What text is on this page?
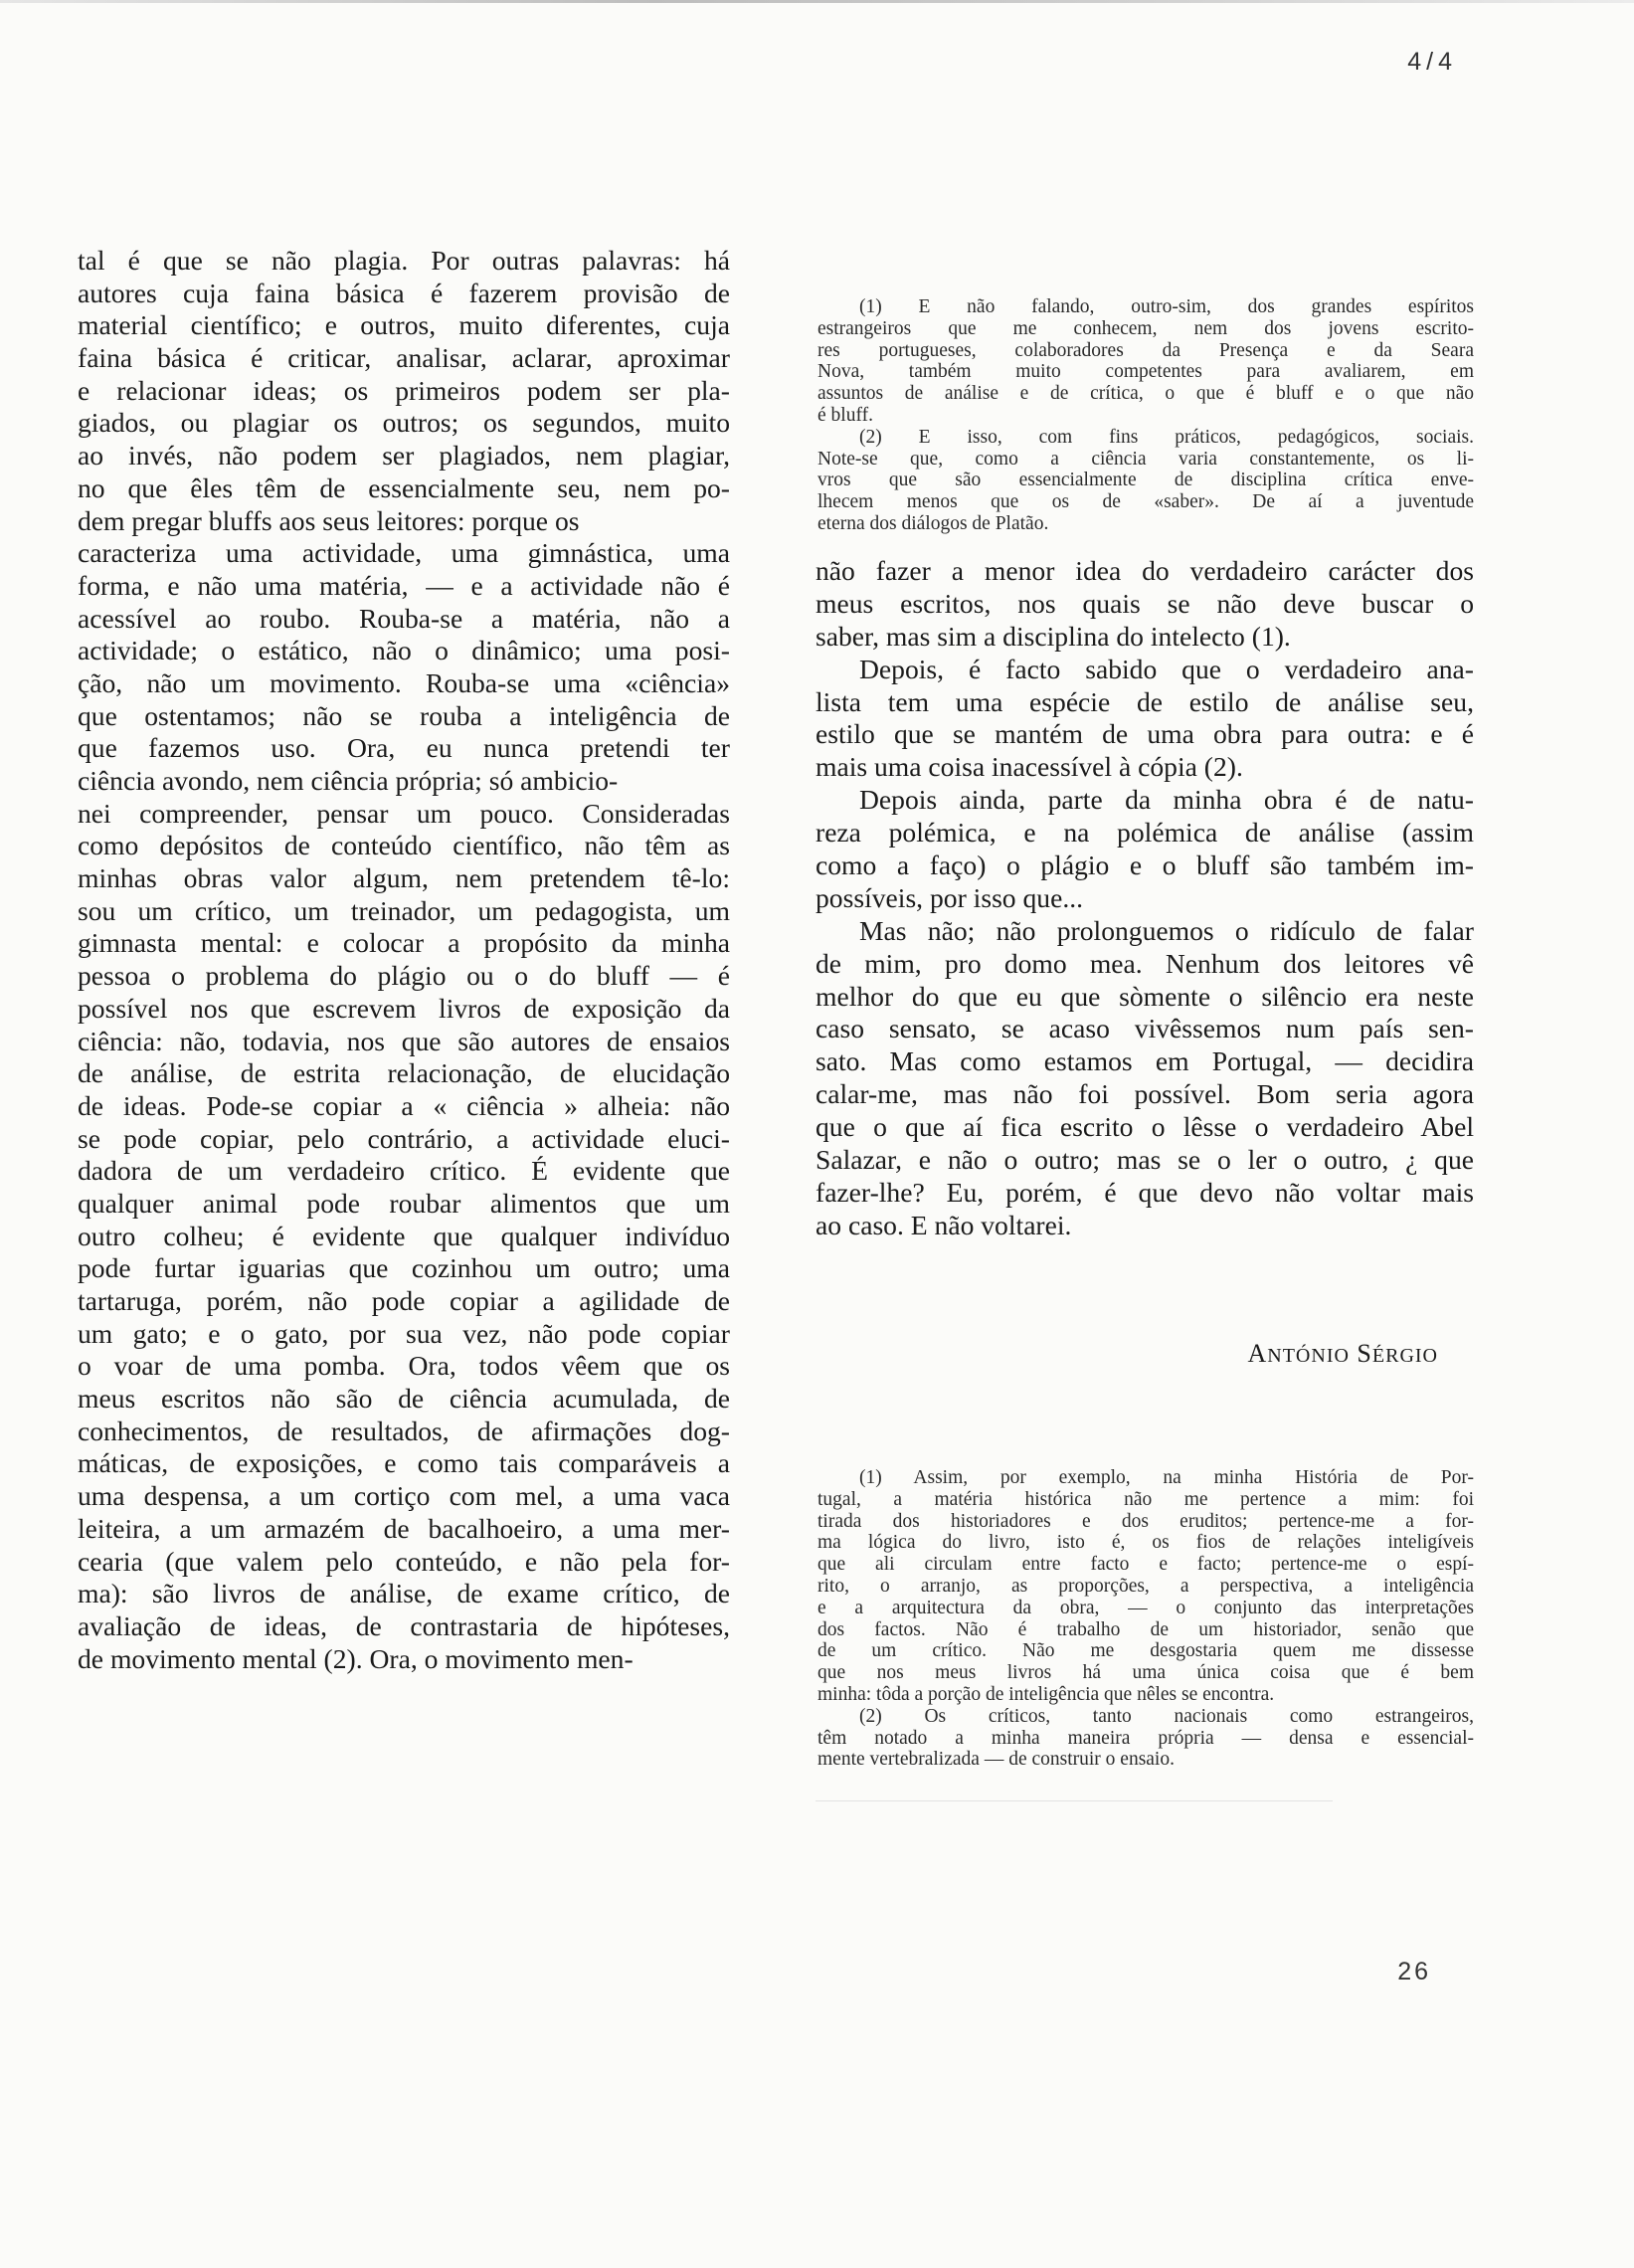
4/4
tal é que se não plagia. Por outras palavras: há
autores cuja faina básica é fazerem provisão de
material científico; e outros, muito diferentes, cuja
faina básica é criticar, analisar, aclarar, aproximar
e relacionar ideas; os primeiros podem ser pla-
giados, ou plagiar os outros; os segundos, muito
ao invés, não podem ser plagiados, nem plagiar,
no que êles têm de essencialmente seu, nem po-
dem pregar bluffs aos seus leitores: porque os
caracteriza uma actividade, uma gimnástica, uma
forma, e não uma matéria, — e a actividade não é
acessível ao roubo. Rouba-se a matéria, não a
actividade; o estático, não o dinâmico; uma posi-
ção, não um movimento. Rouba-se uma «ciência»
que ostentamos; não se rouba a inteligência de
que fazemos uso. Ora, eu nunca pretendi ter
ciência avondo, nem ciência própria; só ambicio-
nei compreender, pensar um pouco. Consideradas
como depósitos de conteúdo científico, não têm as
minhas obras valor algum, nem pretendem tê-lo:
sou um crítico, um treinador, um pedagogista, um
gimnasta mental: e colocar a propósito da minha
pessoa o problema do plágio ou o do bluff — é
possível nos que escrevem livros de exposição da
ciência: não, todavia, nos que são autores de ensaios
de análise, de estrita relacionação, de elucidação
de ideas. Pode-se copiar a « ciência » alheia: não
se pode copiar, pelo contrário, a actividade eluci-
dadora de um verdadeiro crítico. É evidente que
qualquer animal pode roubar alimentos que um
outro colheu; é evidente que qualquer indivíduo
pode furtar iguarias que cozinhou um outro; uma
tartaruga, porém, não pode copiar a agilidade de
um gato; e o gato, por sua vez, não pode copiar
o voar de uma pomba. Ora, todos vêem que os
meus escritos não são de ciência acumulada, de
conhecimentos, de resultados, de afirmações dog-
máticas, de exposições, e como tais comparáveis a
uma despensa, a um cortiço com mel, a uma vaca
leiteira, a um armazém de bacalhoeiro, a uma mer-
cearia (que valem pelo conteúdo, e não pela for-
ma): são livros de análise, de exame crítico, de
avaliação de ideas, de contrastaria de hipóteses,
de movimento mental (2). Ora, o movimento men-
(1) E não falando, outro-sim, dos grandes espíritos
estrangeiros que me conhecem, nem dos jovens escrito-
res portugueses, colaboradores da Presença e da Seara
Nova, também muito competentes para avaliarem, em
assuntos de análise e de crítica, o que é bluff e o que não
é bluff.
(2) E isso, com fins práticos, pedagógicos, sociais.
Note-se que, como a ciência varia constantemente, os li-
vros que são essencialmente de disciplina crítica enve-
lhecem menos que os de «saber». De aí a juventude
eterna dos diálogos de Platão.
não fazer a menor idea do verdadeiro carácter dos
meus escritos, nos quais se não deve buscar o
saber, mas sim a disciplina do intelecto (1).
Depois, é facto sabido que o verdadeiro ana-
lista tem uma espécie de estilo de análise seu,
estilo que se mantém de uma obra para outra: e é
mais uma coisa inacessível à cópia (2).
Depois ainda, parte da minha obra é de natu-
reza polémica, e na polémica de análise (assim
como a faço) o plágio e o bluff são também im-
possíveis, por isso que...
Mas não; não prolonguemos o ridículo de falar
de mim, pro domo mea. Nenhum dos leitores vê
melhor do que eu que sòmente o silêncio era neste
caso sensato, se acaso vivêssemos num país sen-
sato. Mas como estamos em Portugal, — decidira
calar-me, mas não foi possível. Bom seria agora
que o que aí fica escrito o lêsse o verdadeiro Abel
Salazar, e não o outro; mas se o ler o outro, ¿ que
fazer-lhe? Eu, porém, é que devo não voltar mais
ao caso. E não voltarei.
ANTÓNIO SÉRGIO
(1) Assim, por exemplo, na minha História de Por-
tugal, a matéria histórica não me pertence a mim: foi
tirada dos historiadores e dos eruditos; pertence-me a for-
ma lógica do livro, isto é, os fios de relações inteligíveis
que ali circulam entre facto e facto; pertence-me o espí-
rito, o arranjo, as proporções, a perspectiva, a inteligência
e a arquitectura da obra, — o conjunto das interpretações
dos factos. Não é trabalho de um historiador, senão que
de um crítico. Não me desgostaria quem me dissesse
que nos meus livros há uma única coisa que é bem
minha: tôda a porção de inteligência que nêles se encontra.
(2) Os críticos, tanto nacionais como estrangeiros,
têm notado a minha maneira própria — densa e essencial-
mente vertebralizada — de construir o ensaio.
26
